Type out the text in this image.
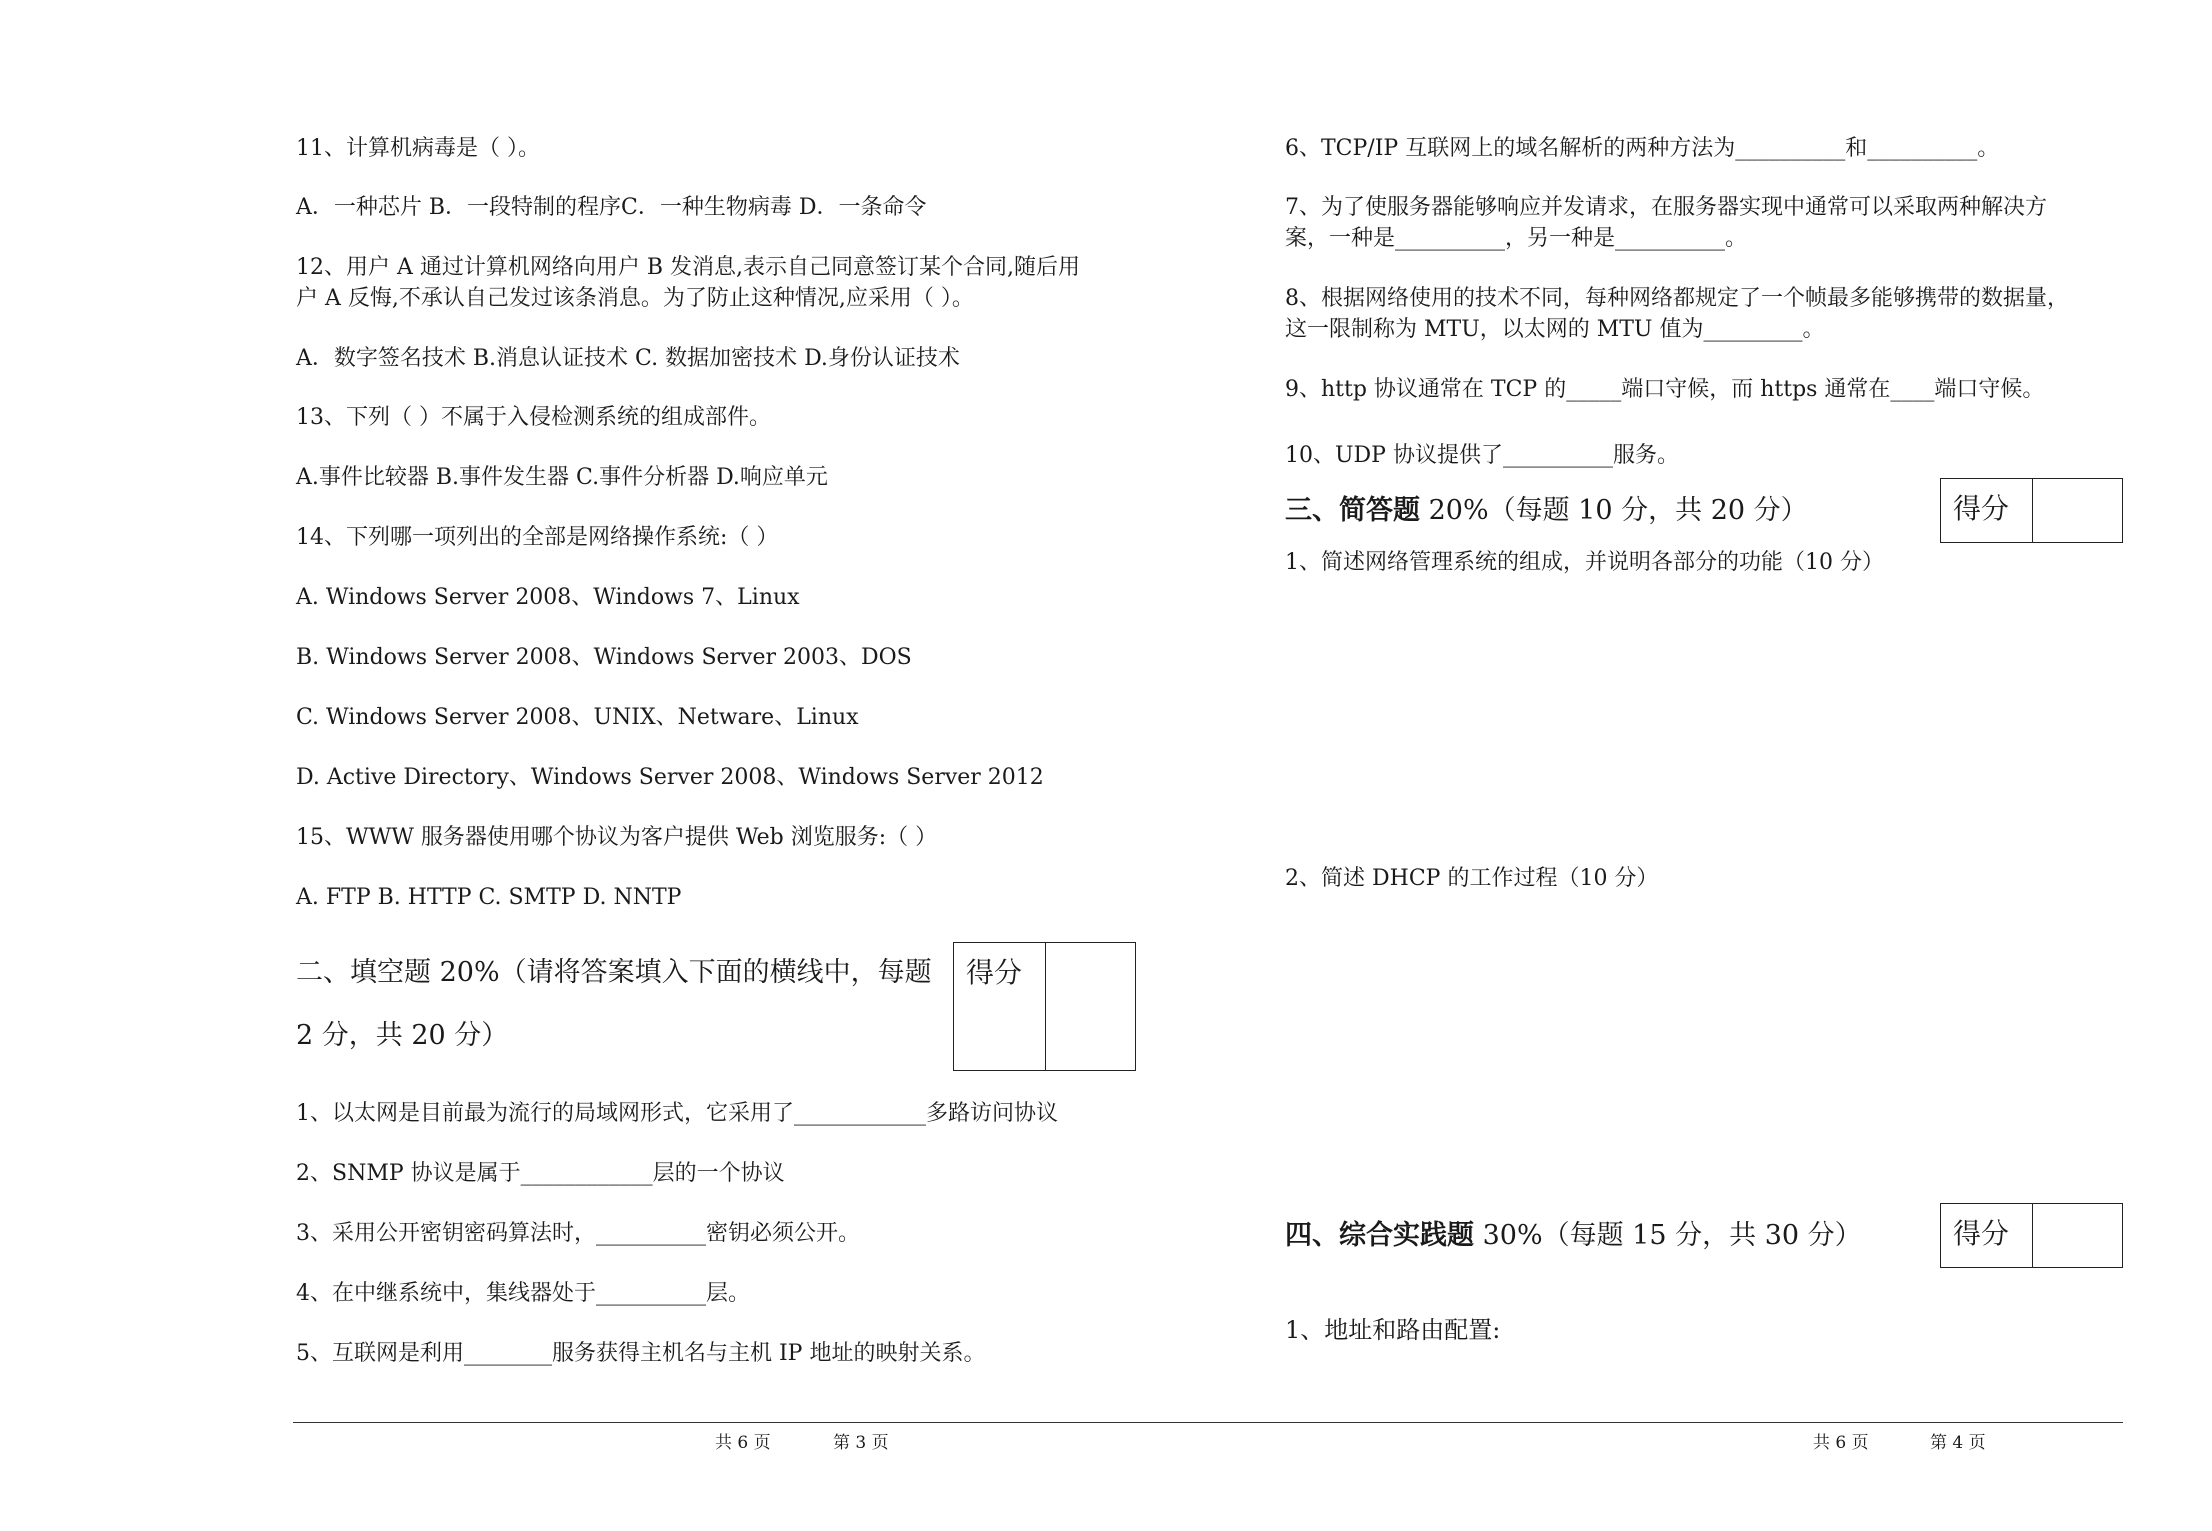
11、计算机病毒是（ ）。
A．一种芯片 B．一段特制的程序C．一种生物病毒 D．一条命令
12、用户 A 通过计算机网络向用户 B 发消息,表示自己同意签订某个合同,随后用
户 A 反悔,不承认自己发过该条消息。为了防止这种情况,应采用（ ）。
A．数字签名技术 B.消息认证技术 C. 数据加密技术 D.身份认证技术
13、下列（ ）不属于入侵检测系统的组成部件。
A.事件比较器 B.事件发生器 C.事件分析器 D.响应单元
14、下列哪一项列出的全部是网络操作系统:（ ）
A. Windows Server 2008、Windows 7、Linux
B. Windows Server 2008、Windows Server 2003、DOS
C. Windows Server 2008、UNIX、Netware、Linux
D. Active Directory、Windows Server 2008、Windows Server 2012
15、WWW 服务器使用哪个协议为客户提供 Web 浏览服务:（ ）
A. FTP B. HTTP C. SMTP D. NNTP
二、填空题 20%（请将答案填入下面的横线中，每题
2 分，共 20 分）
得分
1、以太网是目前最为流行的局域网形式，它采用了____________多路访问协议
2、SNMP 协议是属于____________层的一个协议
3、采用公开密钥密码算法时，__________密钥必须公开。
4、在中继系统中，集线器处于__________层。
5、互联网是利用________服务获得主机名与主机 IP 地址的映射关系。
6、TCP/IP 互联网上的域名解析的两种方法为__________和__________。
7、为了使服务器能够响应并发请求，在服务器实现中通常可以采取两种解决方
案，一种是__________，另一种是__________。
8、根据网络使用的技术不同，每种网络都规定了一个帧最多能够携带的数据量，
这一限制称为 MTU，以太网的 MTU 值为_________。
9、http 协议通常在 TCP 的_____端口守候，而 https 通常在____端口守候。
10、UDP 协议提供了__________服务。
三、简答题 20%（每题 10 分，共 20 分）	得分
1、简述网络管理系统的组成，并说明各部分的功能（10 分）
2、简述 DHCP 的工作过程（10 分）
四、综合实践题 30%（每题 15 分，共 30 分）	得分
1、地址和路由配置:
共 6 页	第 3 页	共 6 页	第 4 页
